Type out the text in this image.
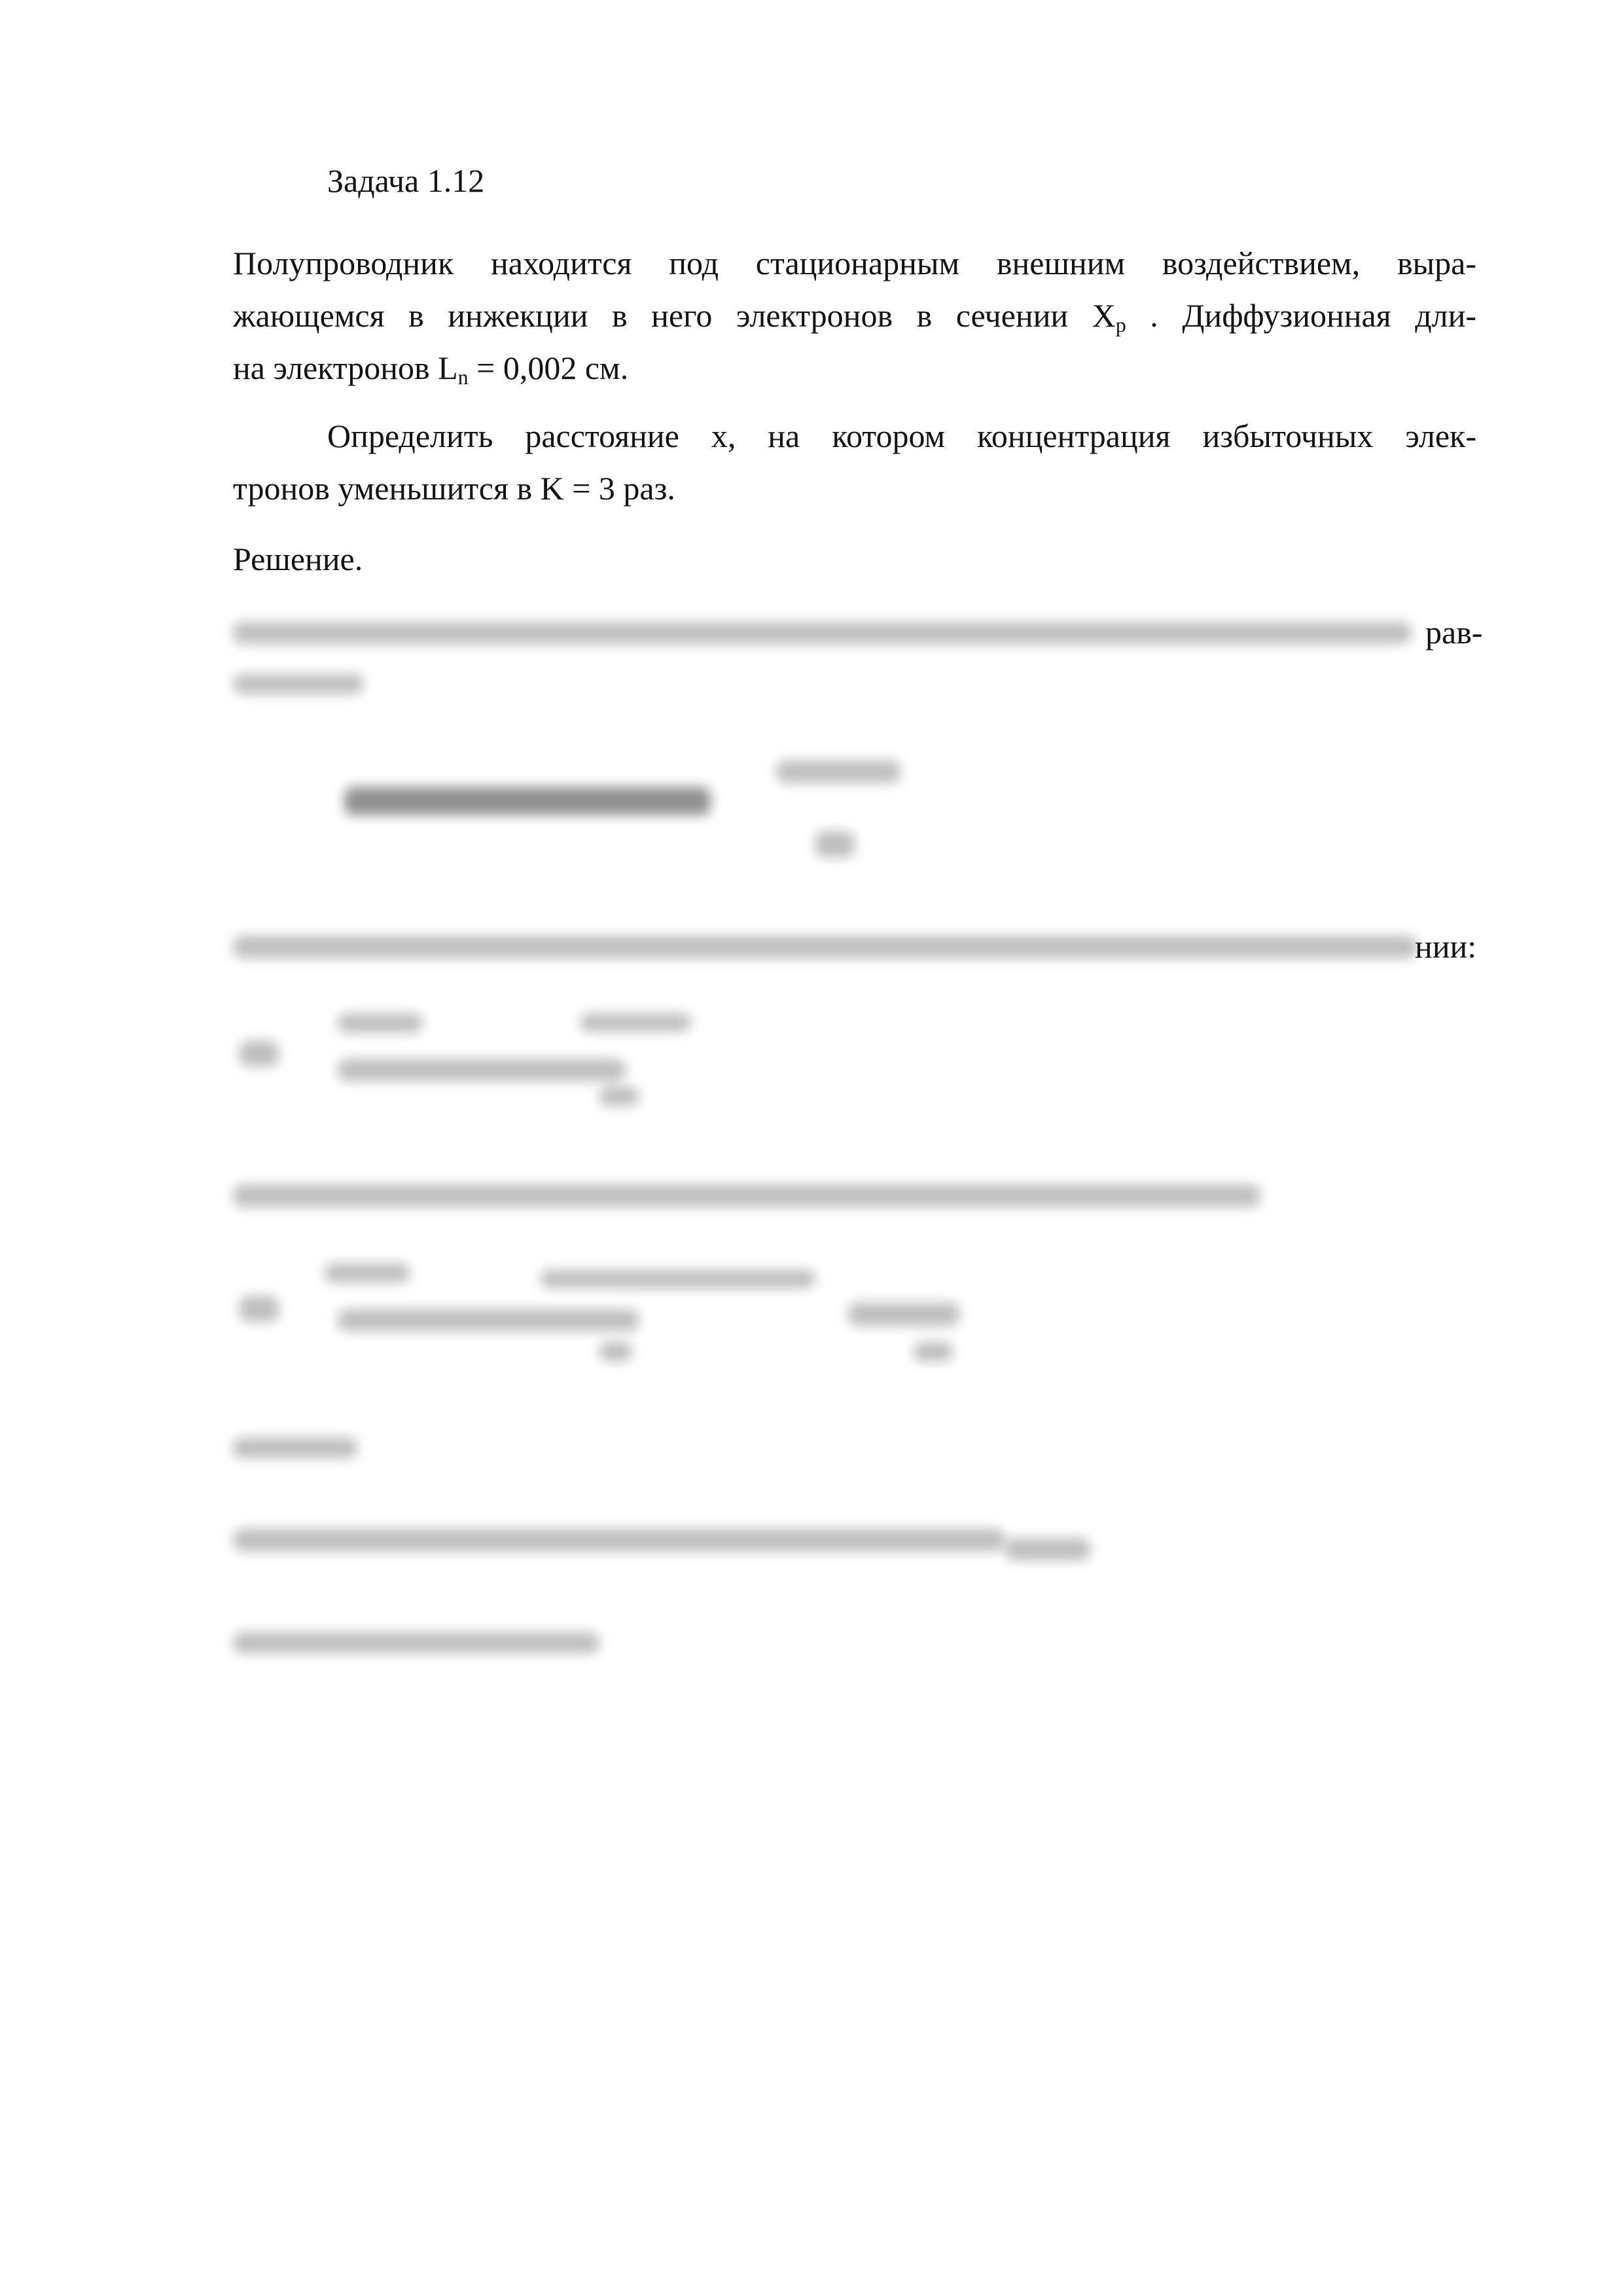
Задача 1.12

Полупроводник находится под стационарным внешним воздействием, выра-
жающемся в инжекции в него электронов в сечении $X_p$ . Диффузионная дли-
на электронов $L_n = 0,002$ см.
Определить расстояние x, на котором концентрация избыточных элек-
тронов уменьшится в K = 3 раз.

Решение.

рав-
нии:
